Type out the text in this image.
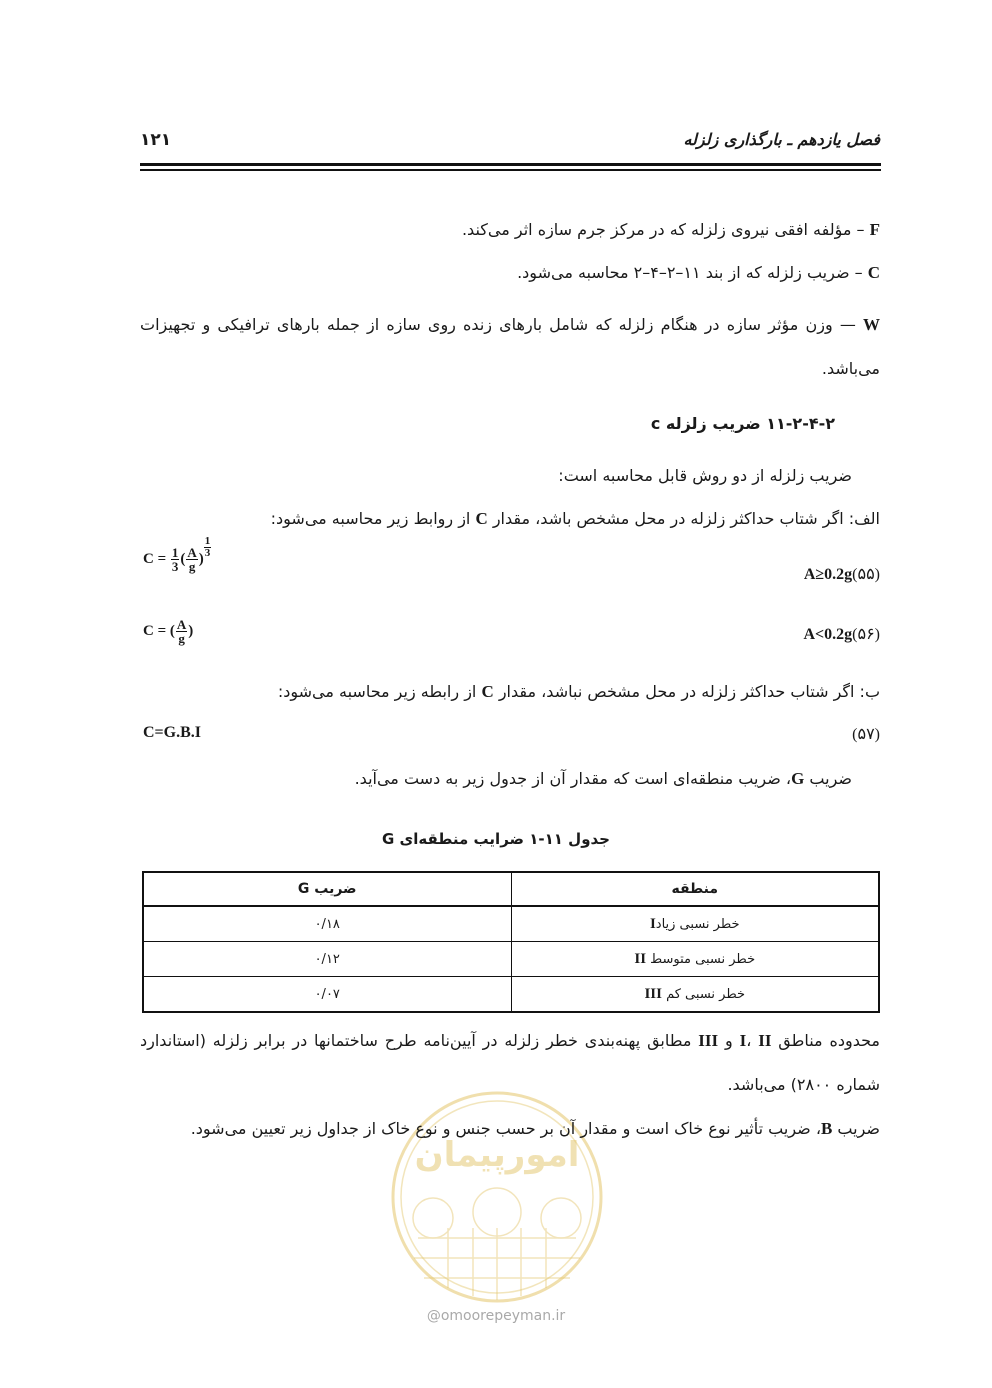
فصل یازدهم ـ بارگذاری زلزله
۱۲۱
F – مؤلفه افقی نیروی زلزله که در مرکز جرم سازه اثر می‌کند.
C – ضریب زلزله که از بند ۱۱–۲–۴–۲ محاسبه می‌شود.
W — وزن مؤثر سازه در هنگام زلزله که شامل بارهای زنده روی سازه از جمله بارهای ترافیکی و تجهیزات می‌باشد.
۱۱-۲-۴-۲ ضریب زلزله c
ضریب زلزله از دو روش قابل محاسبه است:
الف: اگر شتاب حداکثر زلزله در محل مشخص باشد، مقدار C از روابط زیر محاسبه می‌شود:
$C = \frac{1}{3}$ ( $\frac{A}{g}$ ) $\frac{1}{3}$
A≥0.2g(۵۵)
C = ( $\frac{A}{g}$ )	A<0.2g(۵۶)
ب: اگر شتاب حداکثر زلزله در محل مشخص نباشد، مقدار C از رابطه زیر محاسبه می‌شود:
C=G.B.I	(۵۷)
ضریب G، ضریب منطقه‌ای است که مقدار آن از جدول زیر به دست می‌آید.
جدول ۱۱-۱ ضرایب منطقه‌ای G
منطقه	ضریب G
خطر نسبی زیادI	۰/۱۸
خطر نسبی متوسط II	۰/۱۲
خطر نسبی کم III	۰/۰۷
امورپیمان
@omoorepeyman.ir
محدوده مناطق I، II و III مطابق پهنه‌بندی خطر زلزله در آیین‌نامه طرح ساختمانها در برابر زلزله (استاندارد شماره ۲۸۰۰) می‌باشد.
ضریب B، ضریب تأثیر نوع خاک است و مقدار آن بر حسب جنس و نوع خاک از جداول زیر تعیین می‌شود.
